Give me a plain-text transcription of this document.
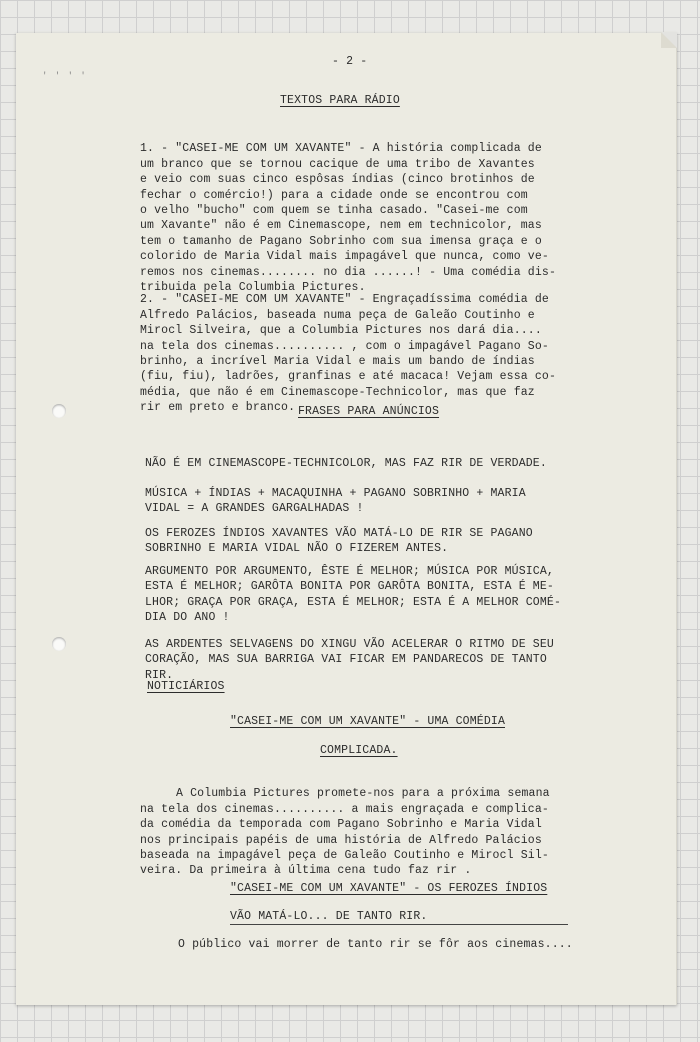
' ' ' '
- 2 -
TEXTOS PARA RÁDIO

1. - "CASEI-ME COM UM XAVANTE" - A história complicada de
um branco que se tornou cacique de uma tribo de Xavantes
e veio com suas cinco espôsas índias (cinco brotinhos de
fechar o comércio!) para a cidade onde se encontrou com
o velho "bucho" com quem se tinha casado. "Casei-me com
um Xavante" não é em Cinemascope, nem em technicolor, mas
tem o tamanho de Pagano Sobrinho com sua imensa graça e o
colorido de Maria Vidal mais impagável que nunca, como ve-
remos nos cinemas........ no dia ......! - Uma comédia dis-
tribuida pela Columbia Pictures.

2. - "CASEI-ME COM UM XAVANTE" - Engraçadíssima comédia de
Alfredo Palácios, baseada numa peça de Galeão Coutinho e
Mirocl Silveira, que a Columbia Pictures nos dará dia....
na tela dos cinemas.......... , com o impagável Pagano So-
brinho, a incrível Maria Vidal e mais um bando de índias
(fiu, fiu), ladrões, granfinas e até macaca! Vejam essa co-
média, que não é em Cinemascope-Technicolor, mas que faz
rir em preto e branco. FRASES PARA ANÚNCIOS

NÃO É EM CINEMASCOPE-TECHNICOLOR, MAS FAZ RIR DE VERDADE.

MÚSICA + ÍNDIAS + MACAQUINHA + PAGANO SOBRINHO + MARIA
VIDAL = A GRANDES GARGALHADAS !

OS FEROZES ÍNDIOS XAVANTES VÃO MATÁ-LO DE RIR SE PAGANO
SOBRINHO E MARIA VIDAL NÃO O FIZEREM ANTES.

ARGUMENTO POR ARGUMENTO, ÊSTE É MELHOR; MÚSICA POR MÚSICA,
ESTA É MELHOR; GARÔTA BONITA POR GARÔTA BONITA, ESTA É ME-
LHOR; GRAÇA POR GRAÇA, ESTA É MELHOR; ESTA É A MELHOR COMÉ-
DIA DO ANO !

AS ARDENTES SELVAGENS DO XINGU VÃO ACELERAR O RITMO DE SEU
CORAÇÃO, MAS SUA BARRIGA VAI FICAR EM PANDARECOS DE TANTO
RIR.

NOTICIÁRIOS
"CASEI-ME COM UM XAVANTE" - UMA COMÉDIA
COMPLICADA.

A Columbia Pictures promete-nos para a próxima semana
na tela dos cinemas.......... a mais engraçada e complica-
da comédia da temporada com Pagano Sobrinho e Maria Vidal
nos principais papéis de uma história de Alfredo Palácios
baseada na impagável peça de Galeão Coutinho e Mirocl Sil-
veira. Da primeira à última cena tudo faz rir .

"CASEI-ME COM UM XAVANTE" - OS FEROZES ÍNDIOS
VÃO MATÁ-LO... DE TANTO RIR.
O público vai morrer de tanto rir se fôr aos cinemas....
